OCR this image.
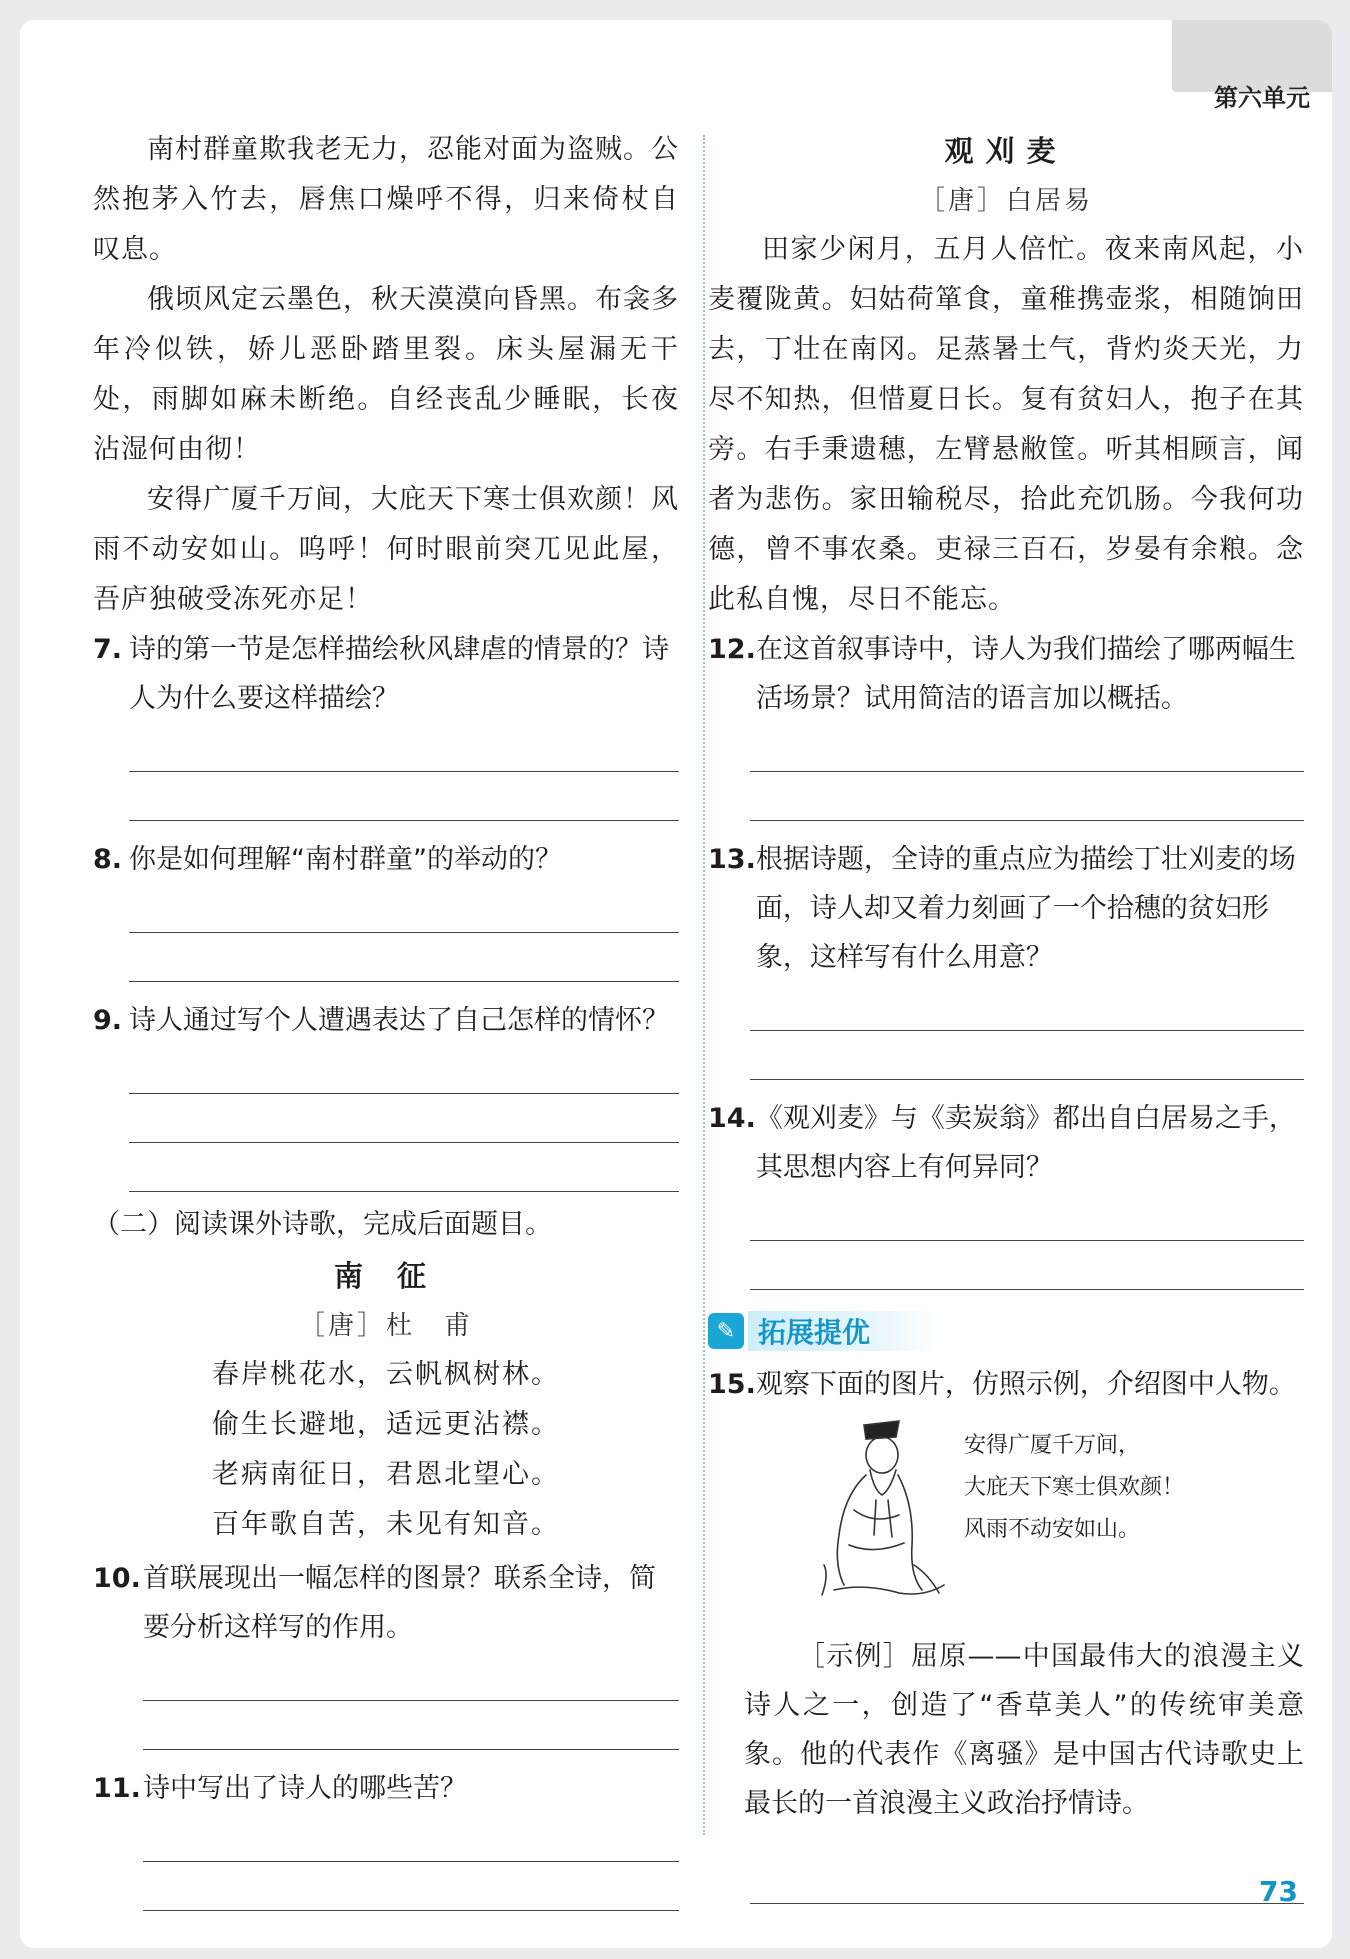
第六单元

南村群童欺我老无力，忍能对面为盗贼。公然抱茅入竹去，唇焦口燥呼不得，归来倚杖自叹息。

俄顷风定云墨色，秋天漠漠向昏黑。布衾多年冷似铁，娇儿恶卧踏里裂。床头屋漏无干处，雨脚如麻未断绝。自经丧乱少睡眠，长夜沾湿何由彻！

安得广厦千万间，大庇天下寒士俱欢颜！风雨不动安如山。呜呼！何时眼前突兀见此屋，吾庐独破受冻死亦足！

7. 诗的第一节是怎样描绘秋风肆虐的情景的？诗人为什么要这样描绘？
8. 你是如何理解“南村群童”的举动的？
9. 诗人通过写个人遭遇表达了自己怎样的情怀？
（二）阅读课外诗歌，完成后面题目。
南 征
［唐］杜　甫
春岸桃花水，云帆枫树林。
偷生长避地，适远更沾襟。
老病南征日，君恩北望心。
百年歌自苦，未见有知音。
10. 首联展现出一幅怎样的图景？联系全诗，简要分析这样写的作用。
11. 诗中写出了诗人的哪些苦？
观刈麦
［唐］白居易

田家少闲月，五月人倍忙。夜来南风起，小麦覆陇黄。妇姑荷箪食，童稚携壶浆，相随饷田去，丁壮在南冈。足蒸暑土气，背灼炎天光，力尽不知热，但惜夏日长。复有贫妇人，抱子在其旁。右手秉遗穗，左臂悬敝筐。听其相顾言，闻者为悲伤。家田输税尽，拾此充饥肠。今我何功德，曾不事农桑。吏禄三百石，岁晏有余粮。念此私自愧，尽日不能忘。

12. 在这首叙事诗中，诗人为我们描绘了哪两幅生活场景？试用简洁的语言加以概括。
13. 根据诗题，全诗的重点应为描绘丁壮刈麦的场面，诗人却又着力刻画了一个拾穗的贫妇形象，这样写有什么用意？
14. 《观刈麦》与《卖炭翁》都出自白居易之手，其思想内容上有何异同？
✎ 拓展提优
15. 观察下面的图片，仿照示例，介绍图中人物。
安得广厦千万间，
大庇天下寒士俱欢颜！
风雨不动安如山。

［示例］屈原——中国最伟大的浪漫主义诗人之一，创造了“香草美人”的传统审美意象。他的代表作《离骚》是中国古代诗歌史上最长的一首浪漫主义政治抒情诗。

73
